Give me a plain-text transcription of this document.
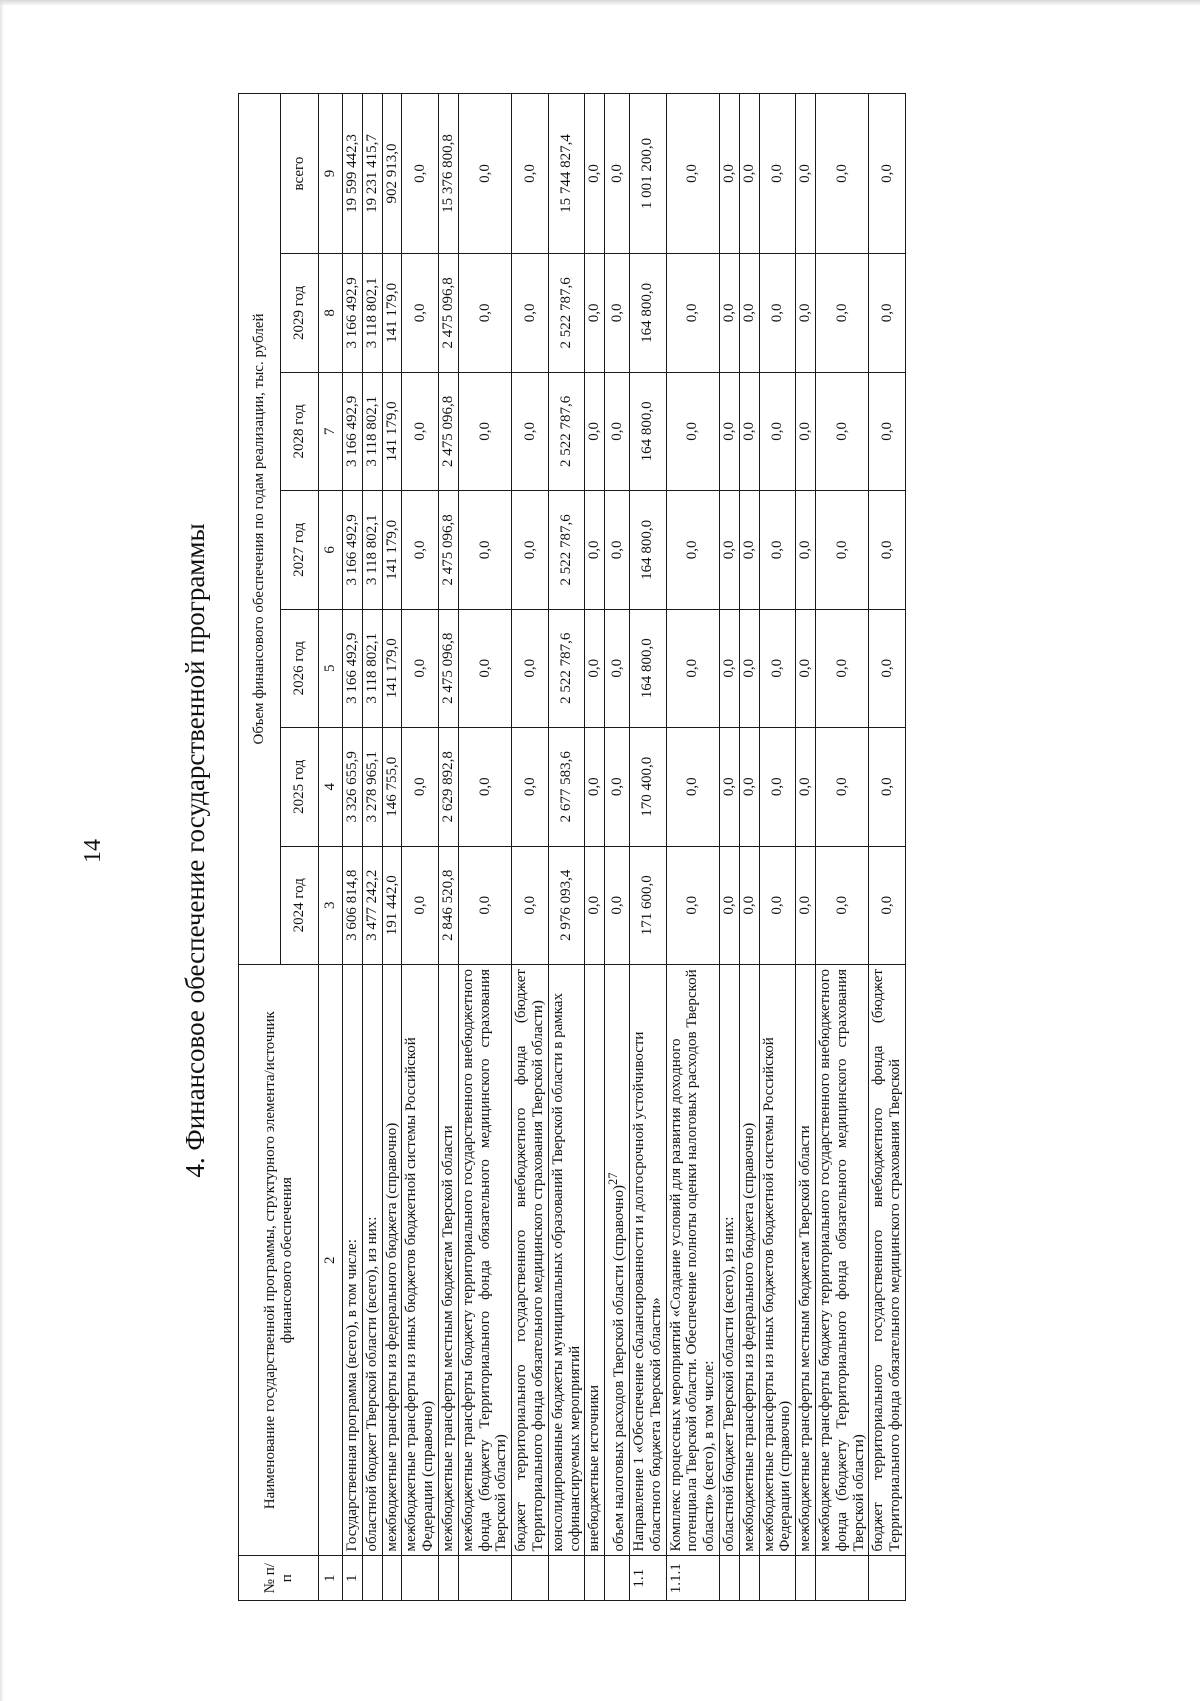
14	4. Финансовое обеспечение государственной программы
№ п/п	Наименование государственной программы, структурного элемента/источник финансового обеспечения	Объем финансового обеспечения по годам реализации, тыс. рублей						
		2024 год	2025 год	2026 год	2027 год	2028 год	2029 год	всего
1	2	3	4	5	6	7	8	9
1	Государственная программа (всего), в том числе:	3 606 814,8	3 326 655,9	3 166 492,9	3 166 492,9	3 166 492,9	3 166 492,9	19 599 442,3
	областной бюджет Тверской области (всего), из них:	3 477 242,2	3 278 965,1	3 118 802,1	3 118 802,1	3 118 802,1	3 118 802,1	19 231 415,7
	межбюджетные трансферты из федерального бюджета (справочно)	191 442,0	146 755,0	141 179,0	141 179,0	141 179,0	141 179,0	902 913,0
	межбюджетные трансферты из иных бюджетов бюджетной системы Российской Федерации (справочно)	0,0	0,0	0,0	0,0	0,0	0,0	0,0
	межбюджетные трансферты местным бюджетам Тверской области	2 846 520,8	2 629 892,8	2 475 096,8	2 475 096,8	2 475 096,8	2 475 096,8	15 376 800,8
	межбюджетные трансферты бюджету территориального государственного внебюджетного фонда (бюджету Территориального фонда обязательного медицинского страхования Тверской области)	0,0	0,0	0,0	0,0	0,0	0,0	0,0
	бюджет территориального государственного внебюджетного фонда (бюджет Территориального фонда обязательного медицинского страхования Тверской области)	0,0	0,0	0,0	0,0	0,0	0,0	0,0
	консолидированные бюджеты муниципальных образований Тверской области в рамках софинансируемых мероприятий	2 976 093,4	2 677 583,6	2 522 787,6	2 522 787,6	2 522 787,6	2 522 787,6	15 744 827,4
	внебюджетные источники	0,0	0,0	0,0	0,0	0,0	0,0	0,0
	объем налоговых расходов Тверской области (справочно)$^{27}$	0,0	0,0	0,0	0,0	0,0	0,0	0,0
1.1	Направление 1 «Обеспечение сбалансированности и долгосрочной устойчивости областного бюджета Тверской области»	171 600,0	170 400,0	164 800,0	164 800,0	164 800,0	164 800,0	1 001 200,0
1.1.1	Комплекс процессных мероприятий «Создание условий для развития доходного потенциала Тверской области. Обеспечение полноты оценки налоговых расходов Тверской области» (всего), в том числе:	0,0	0,0	0,0	0,0	0,0	0,0	0,0
	областной бюджет Тверской области (всего), из них:	0,0	0,0	0,0	0,0	0,0	0,0	0,0
	межбюджетные трансферты из федерального бюджета (справочно)	0,0	0,0	0,0	0,0	0,0	0,0	0,0
	межбюджетные трансферты из иных бюджетов бюджетной системы Российской Федерации (справочно)	0,0	0,0	0,0	0,0	0,0	0,0	0,0
	межбюджетные трансферты местным бюджетам Тверской области	0,0	0,0	0,0	0,0	0,0	0,0	0,0
	межбюджетные трансферты бюджету территориального государственного внебюджетного фонда (бюджету Территориального фонда обязательного медицинского страхования Тверской области)	0,0	0,0	0,0	0,0	0,0	0,0	0,0
	бюджет территориального государственного внебюджетного фонда (бюджет Территориального фонда обязательного медицинского страхования Тверской	0,0	0,0	0,0	0,0	0,0	0,0	0,0
